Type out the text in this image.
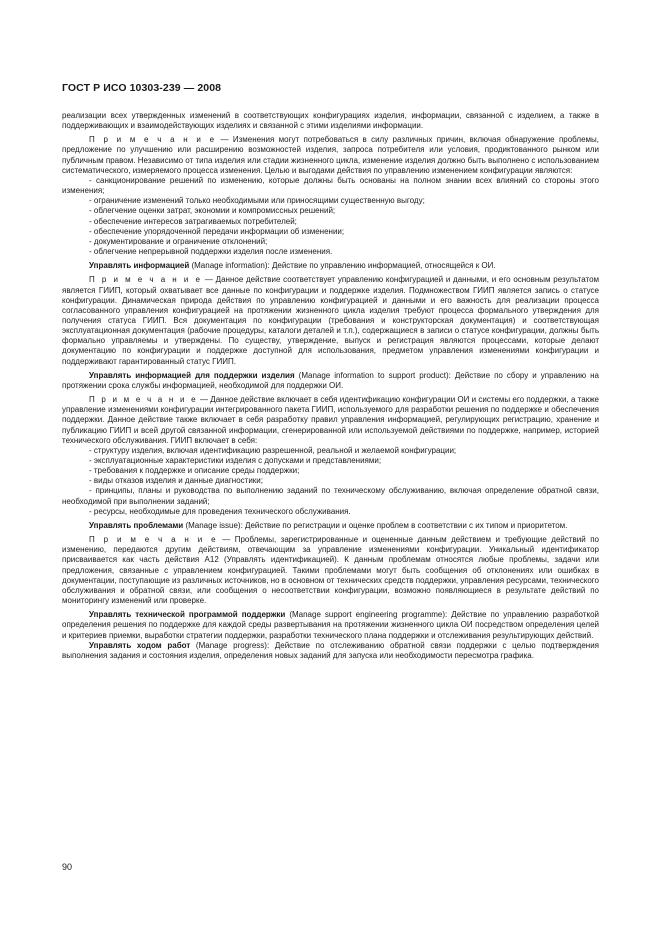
ГОСТ Р ИСО 10303-239 — 2008

реализации всех утвержденных изменений в соответствующих конфигурациях изделия, информации, связанной с изделием, а также в поддерживающих и взаимодействующих изделиях и связанной с этими изделиями информации.

П р и м е ч а н и е — Изменения могут потребоваться в силу различных причин, включая обнаружение проблемы, предложение по улучшению или расширению возможностей изделия, запроса потребителя или условия, продиктованного рынком или публичным правом. Независимо от типа изделия или стадии жизненного цикла, изменение изделия должно быть выполнено с использованием систематического, измеряемого процесса изменения. Целью и выгодами действия по управлению изменением конфигурации являются:

- санкционирование решений по изменению, которые должны быть основаны на полном знании всех влияний со стороны этого изменения;

- ограничение изменений только необходимыми или приносящими существенную выгоду;

- облегчение оценки затрат, экономии и компромиссных решений;

- обеспечение интересов затрагиваемых потребителей;

- обеспечение упорядоченной передачи информации об изменении;

- документирование и ограничение отклонений;

- облегчение непрерывной поддержки изделия после изменения.

Управлять информацией (Manage information): Действие по управлению информацией, относящейся к ОИ.

П р и м е ч а н и е — Данное действие соответствует управлению конфигурацией и данными, и его основным результатом является ГИИП, который охватывает все данные по конфигурации и поддержке изделия. Подмножеством ГИИП является запись о статусе конфигурации. Динамическая природа действия по управлению конфигурацией и данными и его важность для реализации процесса согласованного управления конфигурацией на протяжении жизненного цикла изделия требуют процесса формального утверждения для получения статуса ГИИП. Вся документация по конфигурации (требования и конструкторская документация) и соответствующая эксплуатационная документация (рабочие процедуры, каталоги деталей и т.п.), содержащиеся в записи о статусе конфигурации, должны быть формально управляемы и утверждены. По существу, утверждение, выпуск и регистрация являются процессами, которые делают документацию по конфигурации и поддержке доступной для использования, предметом управления изменениями конфигурации и поддерживают гарантированный статус ГИИП.

Управлять информацией для поддержки изделия (Manage information to support product): Действие по сбору и управлению на протяжении срока службы информацией, необходимой для поддержки ОИ.

П р и м е ч а н и е — Данное действие включает в себя идентификацию конфигурации ОИ и системы его поддержки, а также управление изменениями конфигурации интегрированного пакета ГИИП, используемого для разработки решения по поддержке и обеспечения поддержки. Данное действие также включает в себя разработку правил управления информацией, регулирующих регистрацию, хранение и публикацию ГИИП и всей другой связанной информации, сгенерированной или используемой действиями по поддержке, например, историей технического обслуживания. ГИИП включает в себя:

- структуру изделия, включая идентификацию разрешенной, реальной и желаемой конфигурации;

- эксплуатационные характеристики изделия с допусками и представлениями;

- требования к поддержке и описание среды поддержки;

- виды отказов изделия и данные диагностики;

- принципы, планы и руководства по выполнению заданий по техническому обслуживанию, включая определение обратной связи, необходимой при выполнении заданий;

- ресурсы, необходимые для проведения технического обслуживания.

Управлять проблемами (Manage issue): Действие по регистрации и оценке проблем в соответствии с их типом и приоритетом.

П р и м е ч а н и е — Проблемы, зарегистрированные и оцененные данным действием и требующие действий по изменению, передаются другим действиям, отвечающим за управление изменениями конфигурации. Уникальный идентификатор присваивается как часть действия А12 (Управлять идентификацией). К данным проблемам относятся любые проблемы, задачи или предложения, связанные с управлением конфигурацией. Такими проблемами могут быть сообщения об отклонениях или ошибках в документации, поступающие из различных источников, но в основном от технических средств поддержки, управления ресурсами, технического обслуживания и обратной связи, или сообщения о несоответствии конфигурации, возможно появляющиеся в результате действий по мониторингу изменений или проверке.

Управлять технической программой поддержки (Manage support engineering programme): Действие по управлению разработкой определения решения по поддержке для каждой среды развертывания на протяжении жизненного цикла ОИ посредством определения целей и критериев приемки, выработки стратегии поддержки, разработки технического плана поддержки и отслеживания результирующих действий.

Управлять ходом работ (Manage progress): Действие по отслеживанию обратной связи поддержки с целью подтверждения выполнения задания и состояния изделия, определения новых заданий для запуска или необходимости пересмотра графика.

90
